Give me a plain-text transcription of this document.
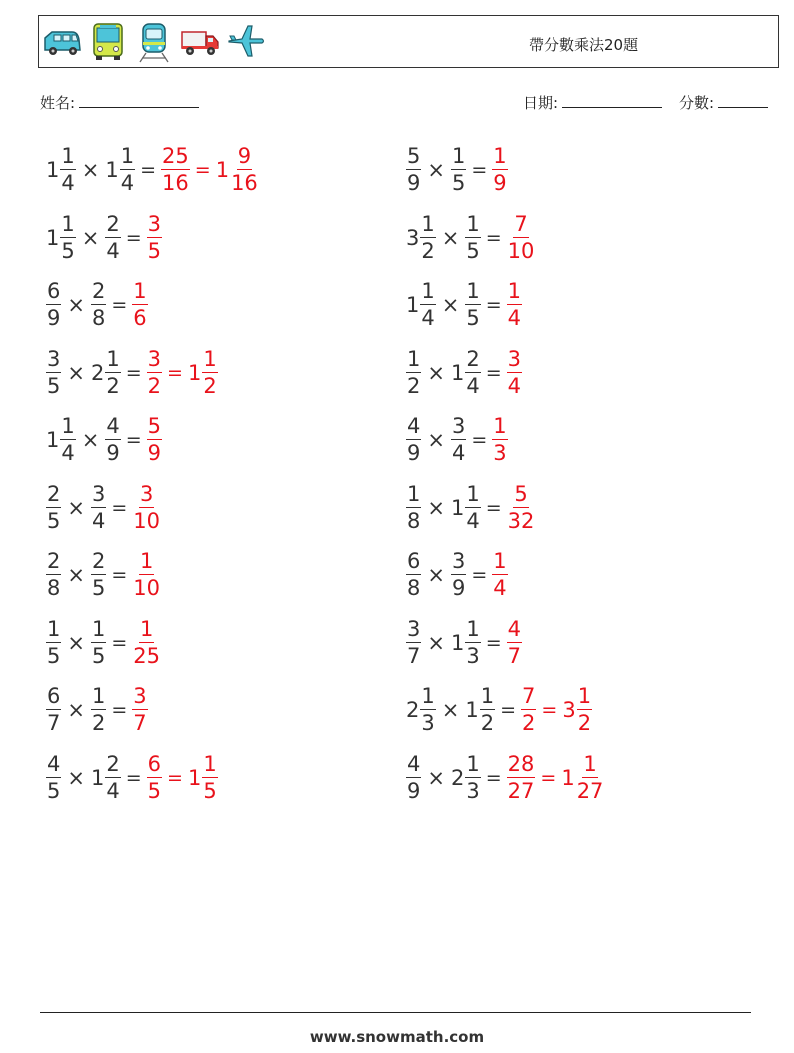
帶分數乘法20題
姓名:	日期:	分數:
$1 \frac{1}{4} \times 1 \frac{1}{4} = \frac{25}{16} = 1 \frac{9}{16}$	$\frac{5}{9} \times \frac{1}{5} = \frac{1}{9}$
$1 \frac{1}{5} \times \frac{2}{4} = \frac{3}{5}$	$3 \frac{1}{2} \times \frac{1}{5} = \frac{7}{10}$
$\frac{6}{9} \times \frac{2}{8} = \frac{1}{6}$	$1 \frac{1}{4} \times \frac{1}{5} = \frac{1}{4}$
$\frac{3}{5} \times 2 \frac{1}{2} = \frac{3}{2} = 1 \frac{1}{2}$	$\frac{1}{2} \times 1 \frac{2}{4} = \frac{3}{4}$
$1 \frac{1}{4} \times \frac{4}{9} = \frac{5}{9}$	$\frac{4}{9} \times \frac{3}{4} = \frac{1}{3}$
$\frac{2}{5} \times \frac{3}{4} = \frac{3}{10}$	$\frac{1}{8} \times 1 \frac{1}{4} = \frac{5}{32}$
$\frac{2}{8} \times \frac{2}{5} = \frac{1}{10}$	$\frac{6}{8} \times \frac{3}{9} = \frac{1}{4}$
$\frac{1}{5} \times \frac{1}{5} = \frac{1}{25}$	$\frac{3}{7} \times 1 \frac{1}{3} = \frac{4}{7}$
$\frac{6}{7} \times \frac{1}{2} = \frac{3}{7}$	$2 \frac{1}{3} \times 1 \frac{1}{2} = \frac{7}{2} = 3 \frac{1}{2}$
$\frac{4}{5} \times 1 \frac{2}{4} = \frac{6}{5} = 1 \frac{1}{5}$	$\frac{4}{9} \times 2 \frac{1}{3} = \frac{28}{27} = 1 \frac{1}{27}$
www.snowmath.com
